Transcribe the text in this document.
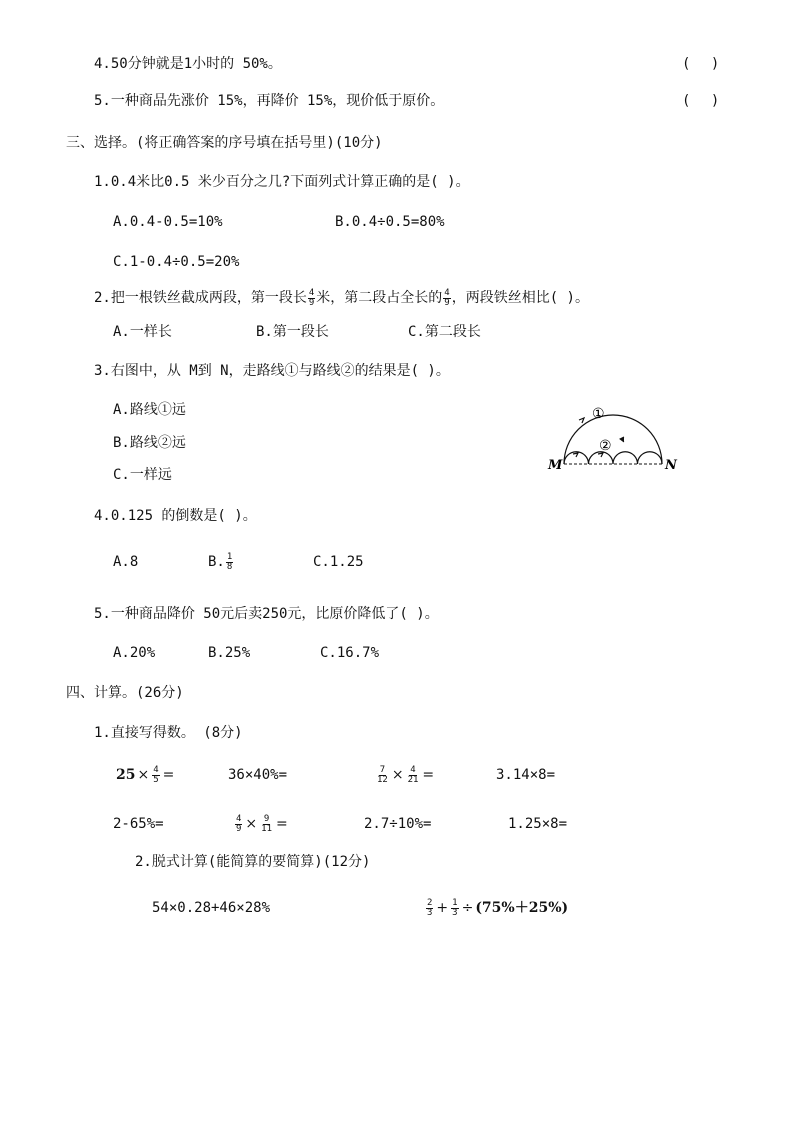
4.50分钟就是1小时的 50%。	( )
5.一种商品先涨价 15%，再降价 15%，现价低于原价。	( )
三、选择。(将正确答案的序号填在括号里)(10分)
1.0.4米比0.5 米少百分之几?下面列式计算正确的是( )。
A.0.4-0.5=10%	B.0.4÷0.5=80%
C.1-0.4÷0.5=20%
2.把一根铁丝截成两段，第一段长 $\frac{4}{9}$ 米，第二段占全长的 $\frac{4}{9}$ ，两段铁丝相比( )。
A.一样长	B.第一段长	C.第二段长
3.右图中，从 M到 N，走路线①与路线②的结果是( )。
A.路线①远
B.路线②远
C.一样远
①
②
M	N
4.0.125 的倒数是( )。
A.8	B. $\frac{1}{8}$	C.1.25
5.一种商品降价 50元后卖250元，比原价降低了( )。
A.20%	B.25%	C.16.7%
四、计算。(26分)
1.直接写得数。 (8分)
$25 \times \frac{4}{5}$ =	36×40%=	$\frac{7}{12} \times \frac{4}{21}$ =	3.14×8=
2-65%=	$\frac{4}{9} \times \frac{9}{11}$ =	2.7÷10%=	1.25×8=
2.脱式计算(能简算的要简算)(12分)
54×0.28+46×28%	$\frac{2}{3} + \frac{1}{3} \div (75\%+25\%)$
